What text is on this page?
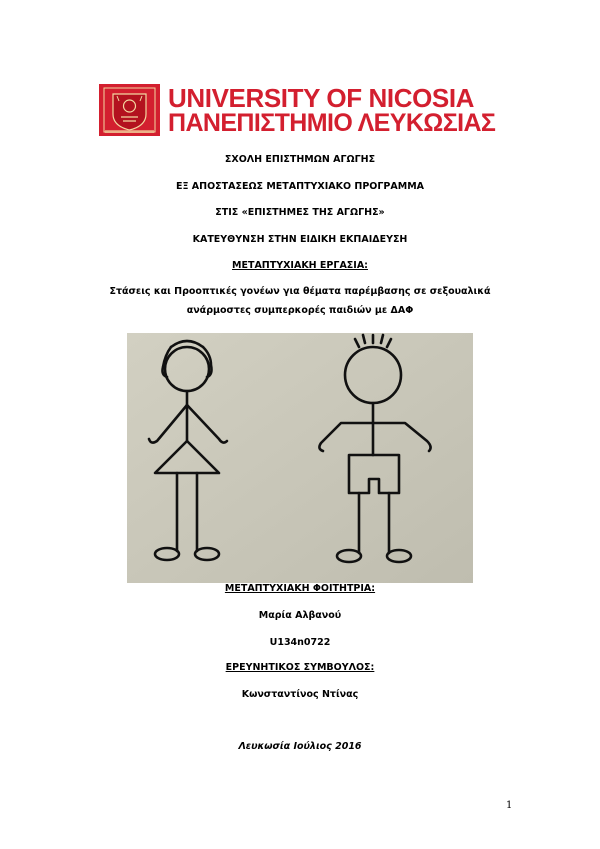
UNIVERSITY OF NICOSIA
ΠΑΝΕΠΙΣΤΗΜΙΟ ΛΕΥΚΩΣΙΑΣ
ΣΧΟΛΗ ΕΠΙΣΤΗΜΩΝ ΑΓΩΓΗΣ
ΕΞ ΑΠΟΣΤΑΣΕΩΣ ΜΕΤΑΠΤΥΧΙΑΚΟ ΠΡΟΓΡΑΜΜΑ
ΣΤΙΣ «ΕΠΙΣΤΗΜΕΣ ΤΗΣ ΑΓΩΓΗΣ»
ΚΑΤΕΥΘΥΝΣΗ ΣΤΗΝ ΕΙΔΙΚΗ ΕΚΠΑΙΔΕΥΣΗ
ΜΕΤΑΠΤΥΧΙΑΚΗ ΕΡΓΑΣΙΑ:
Στάσεις και Προοπτικές γονέων για θέματα παρέμβασης σε σεξουαλικά
ανάρμοστες συμπερκορές παιδιών με ΔΑΦ
ΜΕΤΑΠΤΥΧΙΑΚΗ ΦΟΙΤΗΤΡΙΑ:
Μαρία Αλβανού
U134n0722
ΕΡΕΥΝΗΤΙΚΟΣ ΣΥΜΒΟΥΛΟΣ:
Κωνσταντίνος Ντίνας
Λευκωσία Ιούλιος 2016
1
